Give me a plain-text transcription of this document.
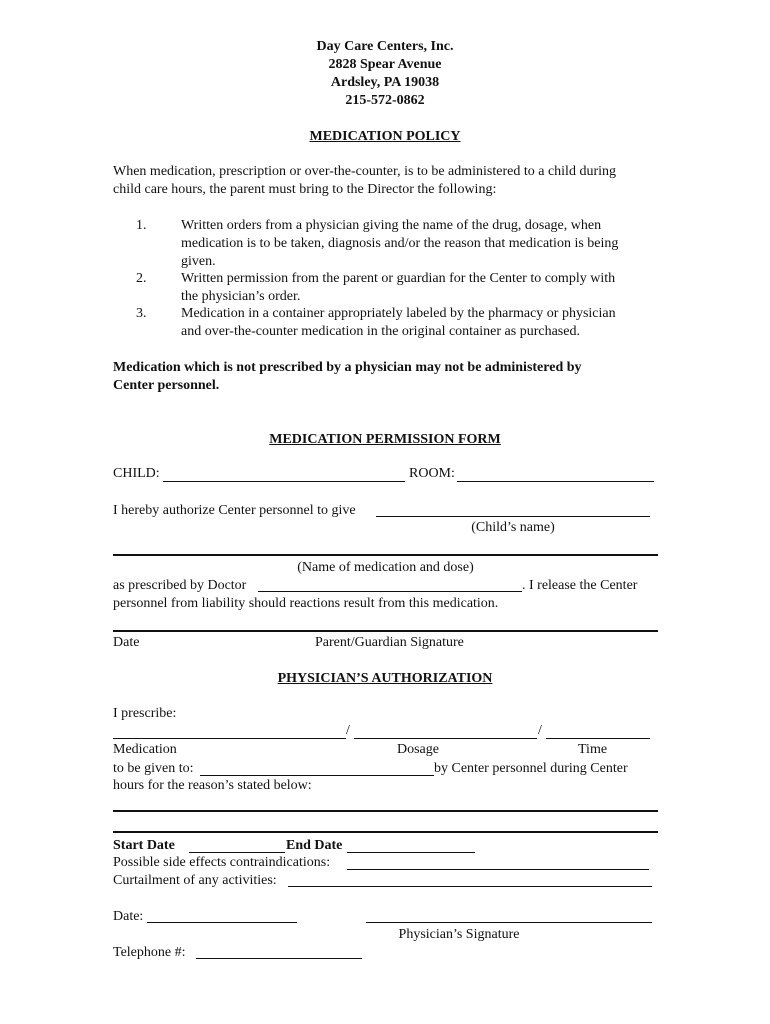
Day Care Centers, Inc.
2828 Spear Avenue
Ardsley, PA 19038
215-572-0862
MEDICATION POLICY
When medication, prescription or over-the-counter, is to be administered to a child during
child care hours, the parent must bring to the Director the following:
1.	Written orders from a physician giving the name of the drug, dosage, when
medication is to be taken, diagnosis and/or the reason that medication is being
given.
2.	Written permission from the parent or guardian for the Center to comply with
the physician’s order.
3.	Medication in a container appropriately labeled by the pharmacy or physician
and over-the-counter medication in the original container as purchased.
Medication which is not prescribed by a physician may not be administered by
Center personnel.
MEDICATION PERMISSION FORM
CHILD:	ROOM:
I hereby authorize Center personnel to give
(Child’s name)
(Name of medication and dose)
as prescribed by Doctor	. I release the Center
personnel from liability should reactions result from this medication.
Date	Parent/Guardian Signature
PHYSICIAN’S AUTHORIZATION
I prescribe:
/	/
Medication	Dosage	Time
to be given to:	by Center personnel during Center
hours for the reason’s stated below:
Start Date	End Date
Possible side effects contraindications:
Curtailment of any activities:
Date:
Physician’s Signature
Telephone #:
